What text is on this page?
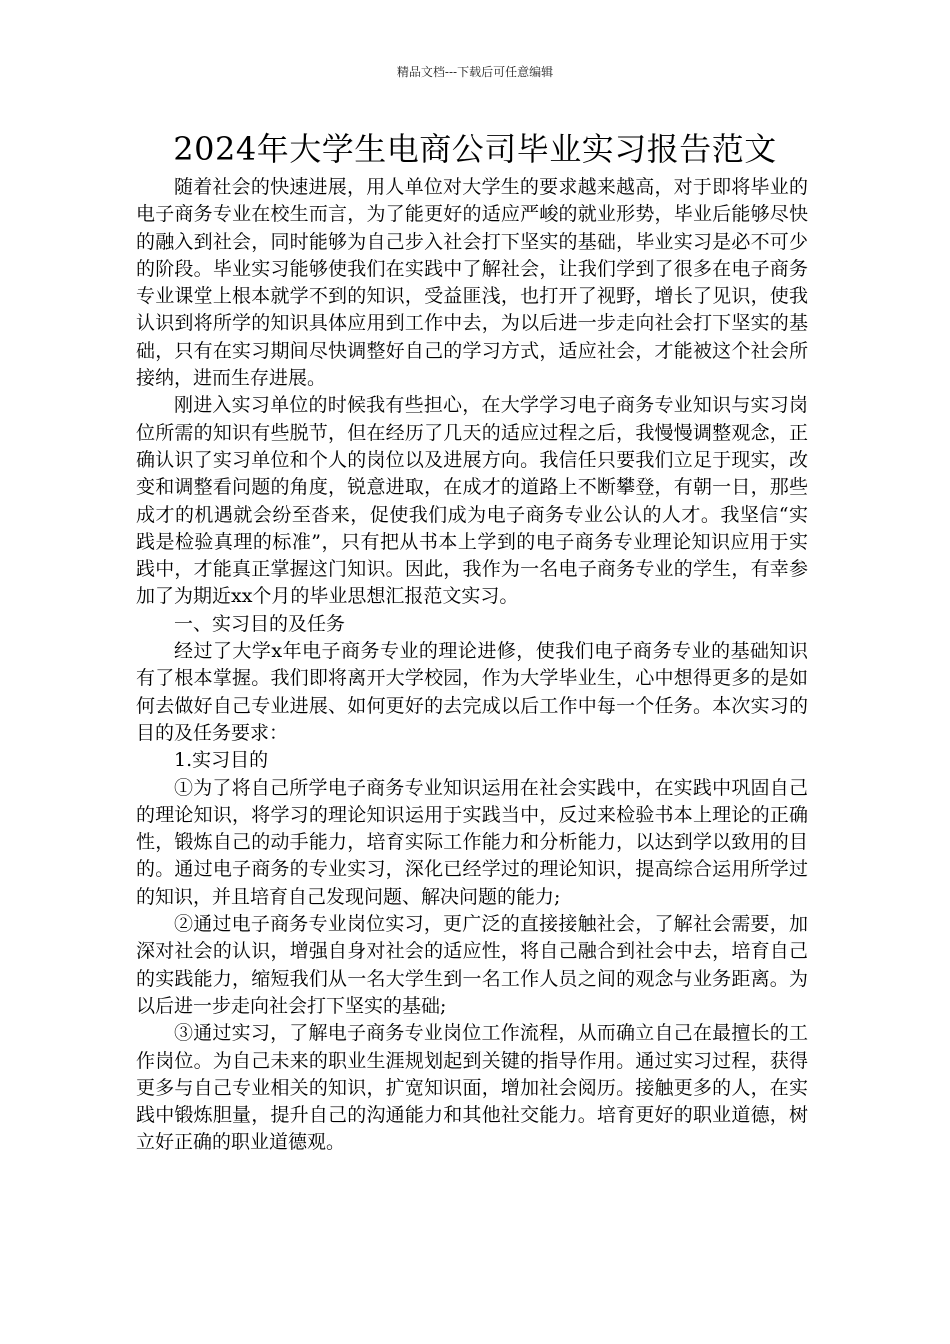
精品文档---下载后可任意编辑
2024年大学生电商公司毕业实习报告范文

随着社会的快速进展，用人单位对大学生的要求越来越高，对于即将毕业的电子商务专业在校生而言，为了能更好的适应严峻的就业形势，毕业后能够尽快的融入到社会，同时能够为自己步入社会打下坚实的基础，毕业实习是必不可少的阶段。毕业实习能够使我们在实践中了解社会，让我们学到了很多在电子商务专业课堂上根本就学不到的知识，受益匪浅，也打开了视野，增长了见识，使我认识到将所学的知识具体应用到工作中去，为以后进一步走向社会打下坚实的基础，只有在实习期间尽快调整好自己的学习方式，适应社会，才能被这个社会所接纳，进而生存进展。

刚进入实习单位的时候我有些担心，在大学学习电子商务专业知识与实习岗位所需的知识有些脱节，但在经历了几天的适应过程之后，我慢慢调整观念，正确认识了实习单位和个人的岗位以及进展方向。我信任只要我们立足于现实，改变和调整看问题的角度，锐意进取，在成才的道路上不断攀登，有朝一日，那些成才的机遇就会纷至沓来，促使我们成为电子商务专业公认的人才。我坚信“实践是检验真理的标准”，只有把从书本上学到的电子商务专业理论知识应用于实践中，才能真正掌握这门知识。因此，我作为一名电子商务专业的学生，有幸参加了为期近xx个月的毕业思想汇报范文实习。

一、实习目的及任务

经过了大学x年电子商务专业的理论进修，使我们电子商务专业的基础知识有了根本掌握。我们即将离开大学校园，作为大学毕业生，心中想得更多的是如何去做好自己专业进展、如何更好的去完成以后工作中每一个任务。本次实习的目的及任务要求：

1.实习目的

①为了将自己所学电子商务专业知识运用在社会实践中，在实践中巩固自己的理论知识，将学习的理论知识运用于实践当中，反过来检验书本上理论的正确性，锻炼自己的动手能力，培育实际工作能力和分析能力，以达到学以致用的目的。通过电子商务的专业实习，深化已经学过的理论知识，提高综合运用所学过的知识，并且培育自己发现问题、解决问题的能力;

②通过电子商务专业岗位实习，更广泛的直接接触社会，了解社会需要，加深对社会的认识，增强自身对社会的适应性，将自己融合到社会中去，培育自己的实践能力，缩短我们从一名大学生到一名工作人员之间的观念与业务距离。为以后进一步走向社会打下坚实的基础;

③通过实习，了解电子商务专业岗位工作流程，从而确立自己在最擅长的工作岗位。为自己未来的职业生涯规划起到关键的指导作用。通过实习过程，获得更多与自己专业相关的知识，扩宽知识面，增加社会阅历。接触更多的人，在实践中锻炼胆量，提升自己的沟通能力和其他社交能力。培育更好的职业道德，树立好正确的职业道德观。
